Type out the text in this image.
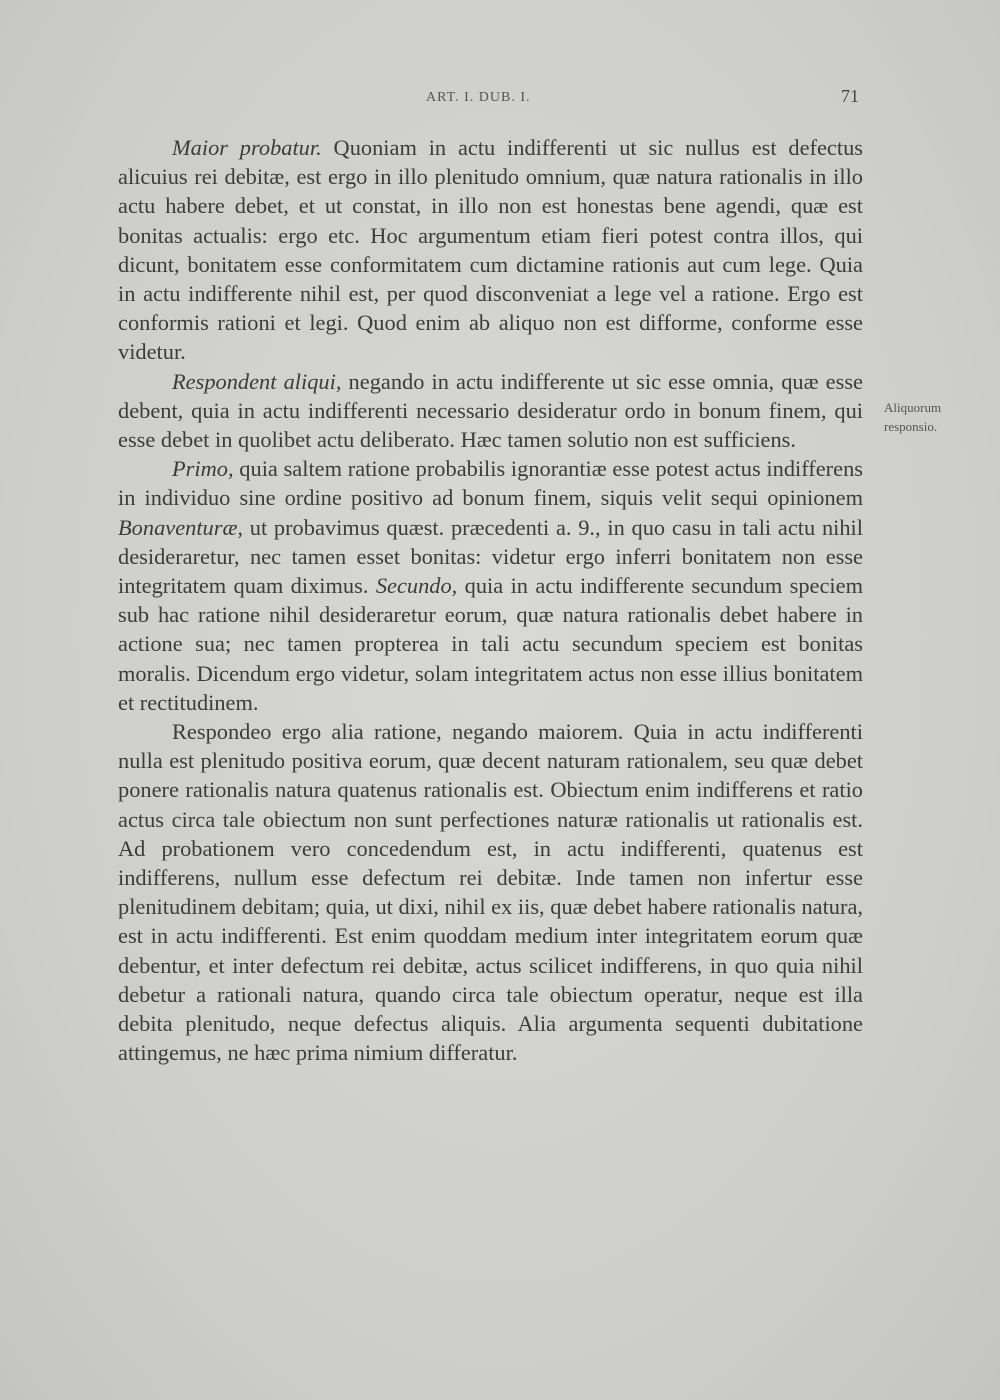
ART. I. DUB. I.	71
Aliquorum
responsio.

Maior probatur. Quoniam in actu indifferenti ut sic nullus est defectus alicuius rei debitæ, est ergo in illo plenitudo omnium, quæ natura rationalis in illo actu habere debet, et ut constat, in illo non est honestas bene agendi, quæ est bonitas actualis: ergo etc. Hoc argumentum etiam fieri potest contra illos, qui dicunt, bonitatem esse conformitatem cum dictamine rationis aut cum lege. Quia in actu indifferente nihil est, per quod disconveniat a lege vel a ratione. Ergo est conformis rationi et legi. Quod enim ab aliquo non est difforme, conforme esse videtur.

Respondent aliqui, negando in actu indifferente ut sic esse omnia, quæ esse debent, quia in actu indifferenti necessario desideratur ordo in bonum finem, qui esse debet in quolibet actu deliberato. Hæc tamen solutio non est sufficiens.

Primo, quia saltem ratione probabilis ignorantiæ esse potest actus indifferens in individuo sine ordine positivo ad bonum finem, siquis velit sequi opinionem Bonaventuræ, ut probavimus quæst. præcedenti a. 9., in quo casu in tali actu nihil desideraretur, nec tamen esset bonitas: videtur ergo inferri bonitatem non esse integritatem quam diximus. Secundo, quia in actu indifferente secundum speciem sub hac ratione nihil desideraretur eorum, quæ natura rationalis debet habere in actione sua; nec tamen propterea in tali actu secundum speciem est bonitas moralis. Dicendum ergo videtur, solam integritatem actus non esse illius bonitatem et rectitudinem.

Respondeo ergo alia ratione, negando maiorem. Quia in actu indifferenti nulla est plenitudo positiva eorum, quæ decent naturam rationalem, seu quæ debet ponere rationalis natura quatenus rationalis est. Obiectum enim indifferens et ratio actus circa tale obiectum non sunt perfectiones naturæ rationalis ut rationalis est. Ad probationem vero concedendum est, in actu indifferenti, quatenus est indifferens, nullum esse defectum rei debitæ. Inde tamen non infertur esse plenitudinem debitam; quia, ut dixi, nihil ex iis, quæ debet habere rationalis natura, est in actu indifferenti. Est enim quoddam medium inter integritatem eorum quæ debentur, et inter defectum rei debitæ, actus scilicet indifferens, in quo quia nihil debetur a rationali natura, quando circa tale obiectum operatur, neque est illa debita plenitudo, neque defectus aliquis. Alia argumenta sequenti dubitatione attingemus, ne hæc prima nimium differatur.
